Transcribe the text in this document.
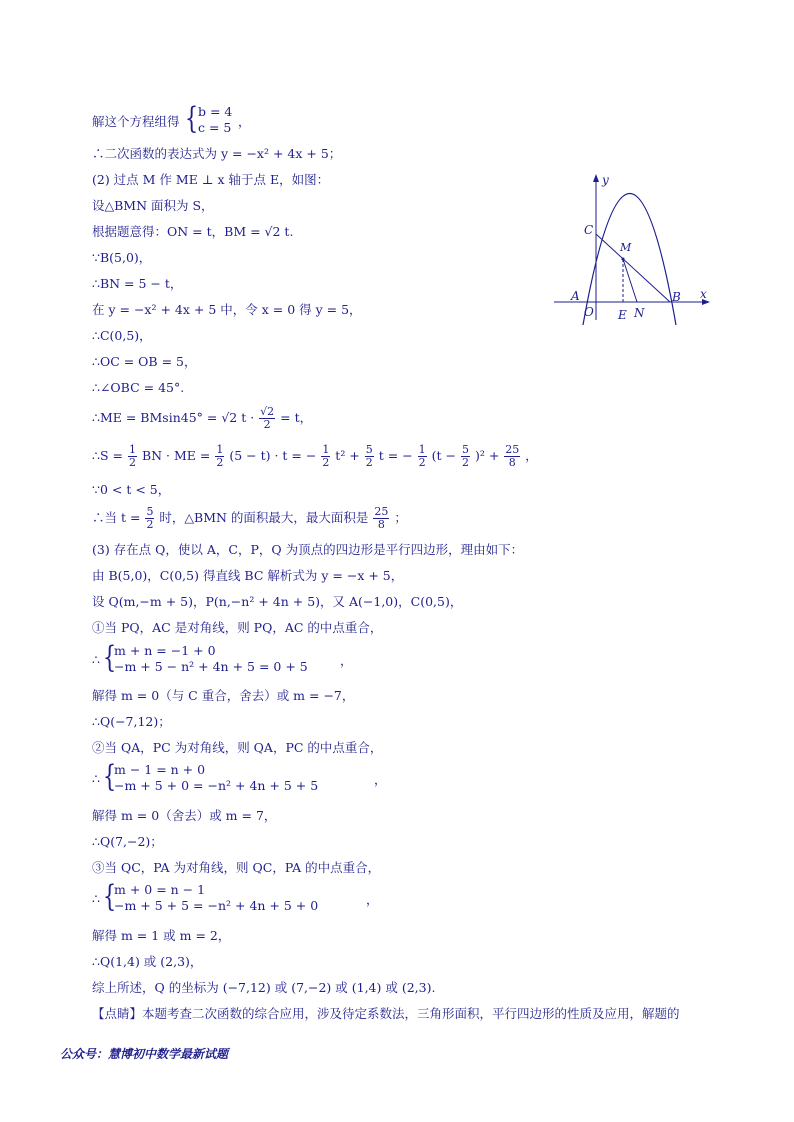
解这个方程组得 { b = 4
c = 5 ，
∴二次函数的表达式为 y = −x² + 4x + 5；
(2) 过点 M 作 ME ⊥ x 轴于点 E，如图：
设△BMN 面积为 S，
根据题意得：ON = t，BM = √2 t.
∵B(5,0)，
∴BN = 5 − t，
在 y = −x² + 4x + 5 中，令 x = 0 得 y = 5，
∴C(0,5)，
∴OC = OB = 5，
∴∠OBC = 45°.
∴ME = BMsin45° = √2 $t \cdot \frac{√2}{2} = t$，
∴S = $\frac{1}{2}$ BN · ME = $\frac{1}{2} (5 - t) \cdot t$ = − $\frac{1}{2} t^2 + \frac{5}{2}$ t = − $\frac{1}{2} (t - \frac{5}{2} )^2 + \frac{25}{8}$ ，
∵0 < t < 5，
∴当 $t = \frac{5}{2}$ 时，△BMN 的面积最大，最大面积是 $\frac{25}{8}$ ；
(3) 存在点 Q，使以 A，C，P，Q 为顶点的四边形是平行四边形，理由如下：
由 B(5,0)，C(0,5) 得直线 BC 解析式为 y = −x + 5，
设 Q(m,−m + 5)，P(n,−n² + 4n + 5)，又 A(−1,0)，C(0,5)，
①当 PQ，AC 是对角线，则 PQ，AC 的中点重合，
∴ {
m + n = −1 + 0
−m + 5 − n² + 4n + 5 = 0 + 5	，
解得 m = 0（与 C 重合，舍去）或 m = −7，
∴Q(−7,12)；
②当 QA，PC 为对角线，则 QA，PC 的中点重合，
∴ {
m − 1 = n + 0
−m + 5 + 0 = −n² + 4n + 5 + 5	，
解得 m = 0（舍去）或 m = 7，
∴Q(7,−2)；
③当 QC，PA 为对角线，则 QC，PA 的中点重合，
∴ {
m + 0 = n − 1
−m + 5 + 5 = −n² + 4n + 5 + 0	，
解得 m = 1 或 m = 2，
∴Q(1,4) 或 (2,3)，
综上所述，Q 的坐标为 (−7,12) 或 (7,−2) 或 (1,4) 或 (2,3).
【点睛】本题考查二次函数的综合应用，涉及待定系数法，三角形面积，平行四边形的性质及应用，解题的
y
x
C
M
A
O E N
B
公众号：慧博初中数学最新试题
